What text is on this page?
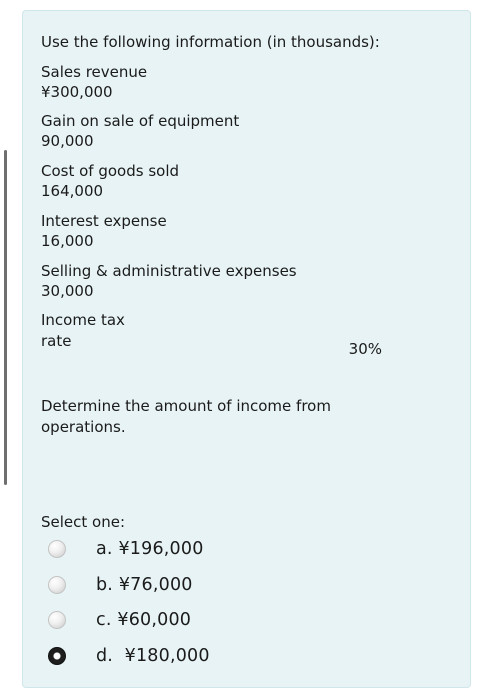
Use the following information (in thousands):
Sales revenue
¥300,000
Gain on sale of equipment
90,000
Cost of goods sold
164,000
Interest expense
16,000
Selling & administrative expenses
30,000
Income tax
rate	30%
Determine the amount of income from operations.
Select one:
a. ¥196,000
b. ¥76,000
c. ¥60,000
d. ¥180,000
